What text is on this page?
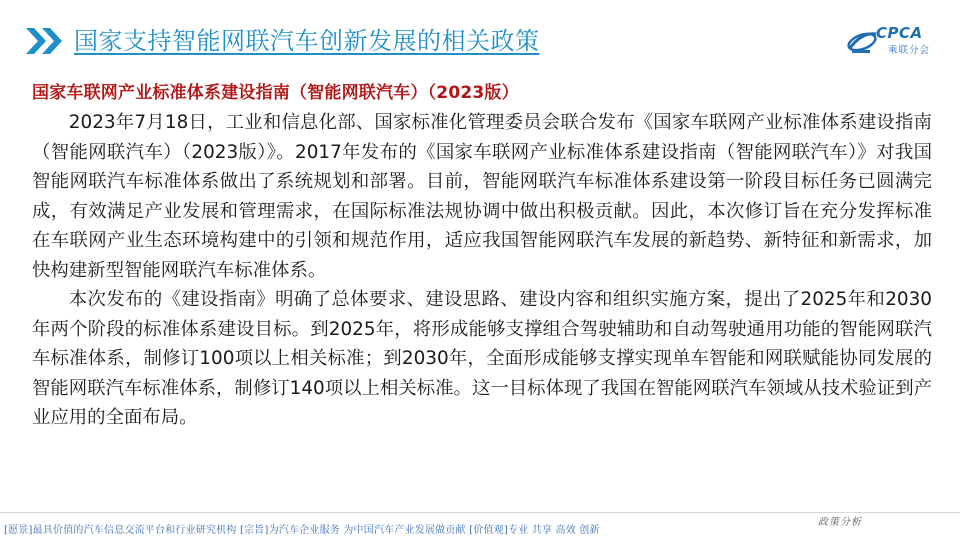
国家支持智能网联汽车创新发展的相关政策	CPCA
乘联分会
国家车联网产业标准体系建设指南（智能网联汽车）（2023版）

2023年7月18日，工业和信息化部、国家标准化管理委员会联合发布《国家车联网产业标准体系建设指南（智能网联汽车）（2023版）》。2017年发布的《国家车联网产业标准体系建设指南（智能网联汽车）》对我国智能网联汽车标准体系做出了系统规划和部署。目前，智能网联汽车标准体系建设第一阶段目标任务已圆满完成，有效满足产业发展和管理需求，在国际标准法规协调中做出积极贡献。因此，本次修订旨在充分发挥标准在车联网产业生态环境构建中的引领和规范作用，适应我国智能网联汽车发展的新趋势、新特征和新需求，加快构建新型智能网联汽车标准体系。

本次发布的《建设指南》明确了总体要求、建设思路、建设内容和组织实施方案，提出了2025年和2030年两个阶段的标准体系建设目标。到2025年，将形成能够支撑组合驾驶辅助和自动驾驶通用功能的智能网联汽车标准体系，制修订100项以上相关标准；到2030年，全面形成能够支撑实现单车智能和网联赋能协同发展的智能网联汽车标准体系，制修订140项以上相关标准。这一目标体现了我国在智能网联汽车领域从技术验证到产业应用的全面布局。

[愿景]最具价值的汽车信息交流平台和行业研究机构 [宗旨]为汽车企业服务 为中国汽车产业发展做贡献 [价值观]专业 共享 高效 创新
政策分析
